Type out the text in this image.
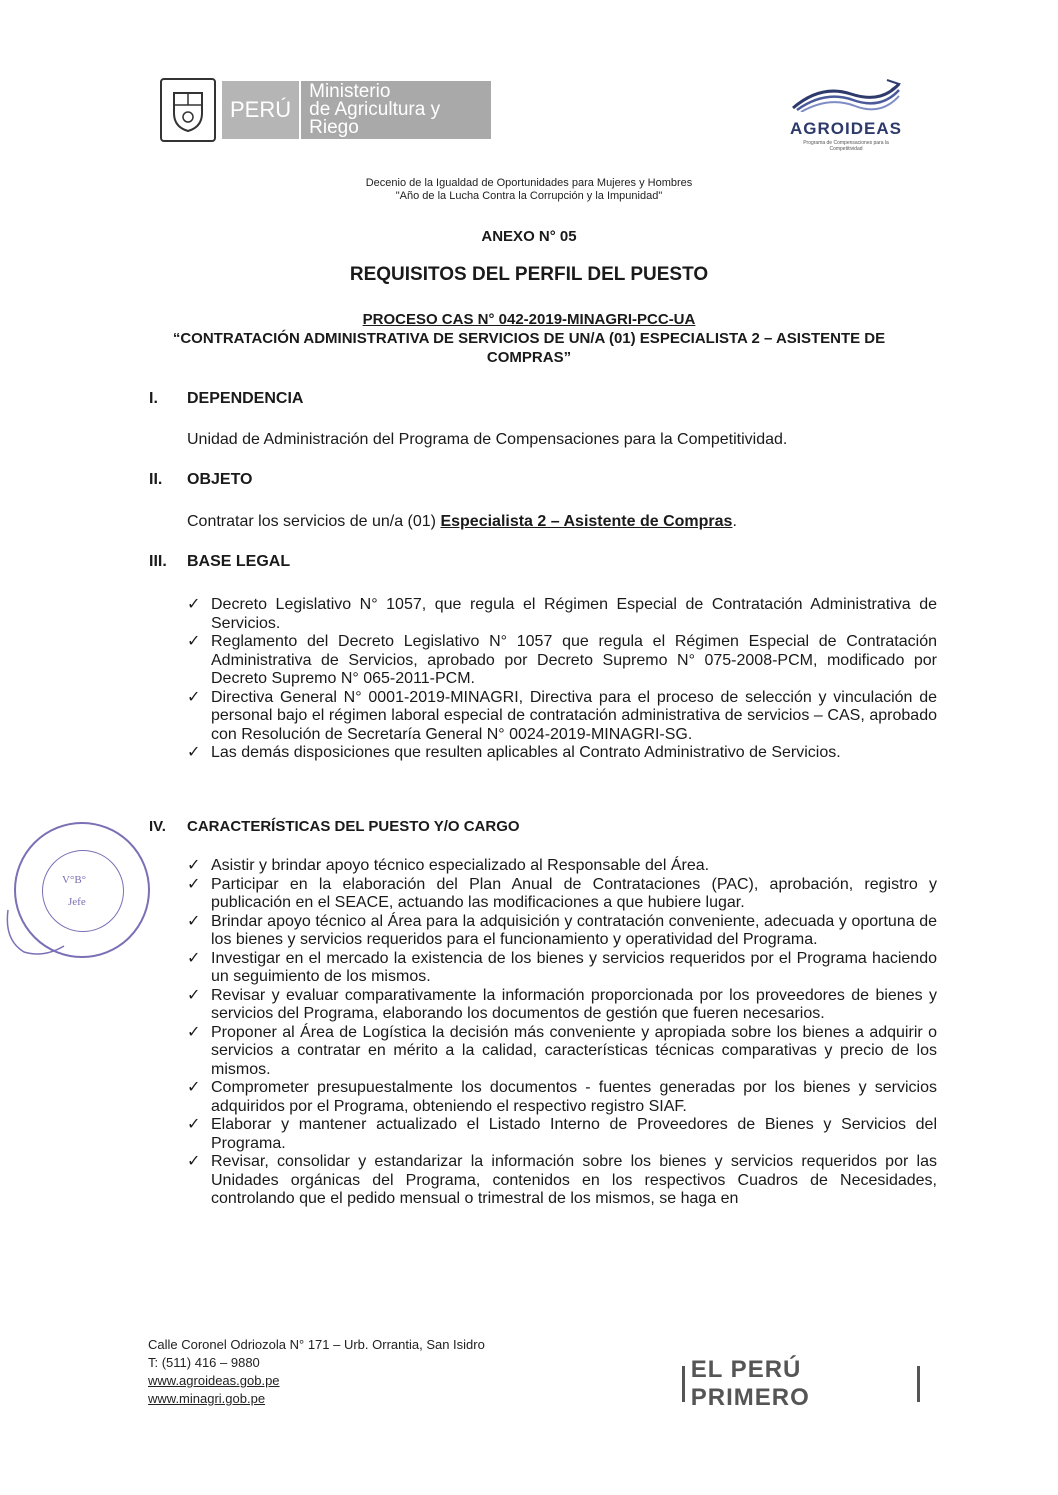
PERÚ
Ministerio
de Agricultura y Riego	AGROIDEAS
Programa de Compensaciones para la Competitividad
Decenio de la Igualdad de Oportunidades para Mujeres y Hombres
"Año de la Lucha Contra la Corrupción y la Impunidad"
ANEXO N° 05
REQUISITOS DEL PERFIL DEL PUESTO
PROCESO CAS N° 042-2019-MINAGRI-PCC-UA
“CONTRATACIÓN ADMINISTRATIVA DE SERVICIOS DE UN/A (01) ESPECIALISTA 2 – ASISTENTE DE COMPRAS”
I. DEPENDENCIA
Unidad de Administración del Programa de Compensaciones para la Competitividad.
II. OBJETO
Contratar los servicios de un/a (01) Especialista 2 – Asistente de Compras.
III. BASE LEGAL
✓ Decreto Legislativo N° 1057, que regula el Régimen Especial de Contratación Administrativa de Servicios.
✓ Reglamento del Decreto Legislativo N° 1057 que regula el Régimen Especial de Contratación Administrativa de Servicios, aprobado por Decreto Supremo N° 075-2008-PCM, modificado por Decreto Supremo N° 065-2011-PCM.
✓ Directiva General N° 0001-2019-MINAGRI, Directiva para el proceso de selección y vinculación de personal bajo el régimen laboral especial de contratación administrativa de servicios – CAS, aprobado con Resolución de Secretaría General N° 0024-2019-MINAGRI-SG.
✓ Las demás disposiciones que resulten aplicables al Contrato Administrativo de Servicios.
IV. CARACTERÍSTICAS DEL PUESTO Y/O CARGO
✓ Asistir y brindar apoyo técnico especializado al Responsable del Área.
✓ Participar en la elaboración del Plan Anual de Contrataciones (PAC), aprobación, registro y publicación en el SEACE, actuando las modificaciones a que hubiere lugar.
✓ Brindar apoyo técnico al Área para la adquisición y contratación conveniente, adecuada y oportuna de los bienes y servicios requeridos para el funcionamiento y operatividad del Programa.
✓ Investigar en el mercado la existencia de los bienes y servicios requeridos por el Programa haciendo un seguimiento de los mismos.
✓ Revisar y evaluar comparativamente la información proporcionada por los proveedores de bienes y servicios del Programa, elaborando los documentos de gestión que fueren necesarios.
✓ Proponer al Área de Logística la decisión más conveniente y apropiada sobre los bienes a adquirir o servicios a contratar en mérito a la calidad, características técnicas comparativas y precio de los mismos.
✓ Comprometer presupuestalmente los documentos - fuentes generadas por los bienes y servicios adquiridos por el Programa, obteniendo el respectivo registro SIAF.
✓ Elaborar y mantener actualizado el Listado Interno de Proveedores de Bienes y Servicios del Programa.
✓ Revisar, consolidar y estandarizar la información sobre los bienes y servicios requeridos por las Unidades orgánicas del Programa, contenidos en los respectivos Cuadros de Necesidades, controlando que el pedido mensual o trimestral de los mismos, se haga en
V°B°
Jefe
Calle Coronel Odriozola N° 171 – Urb. Orrantia, San Isidro
T: (511) 416 – 9880
www.agroideas.gob.pe
www.minagri.gob.pe
EL PERÚ PRIMERO
